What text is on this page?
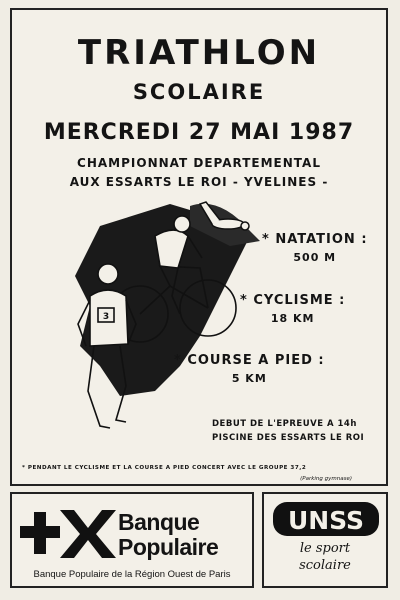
TRIATHLON
SCOLAIRE
MERCREDI 27 MAI 1987
CHAMPIONNAT DEPARTEMENTAL
AUX ESSARTS LE ROI - YVELINES -
3
* NATATION :
500 M
* CYCLISME :
18 KM
* COURSE A PIED :
5 KM
DEBUT DE L'EPREUVE A 14h
PISCINE DES ESSARTS LE ROI
* PENDANT LE CYCLISME ET LA COURSE A PIED CONCERT AVEC LE GROUPE 37,2
(Parking gymnase)
Banque
Populaire
Banque Populaire de la Région Ouest de Paris
UNSS
le sport
scolaire
